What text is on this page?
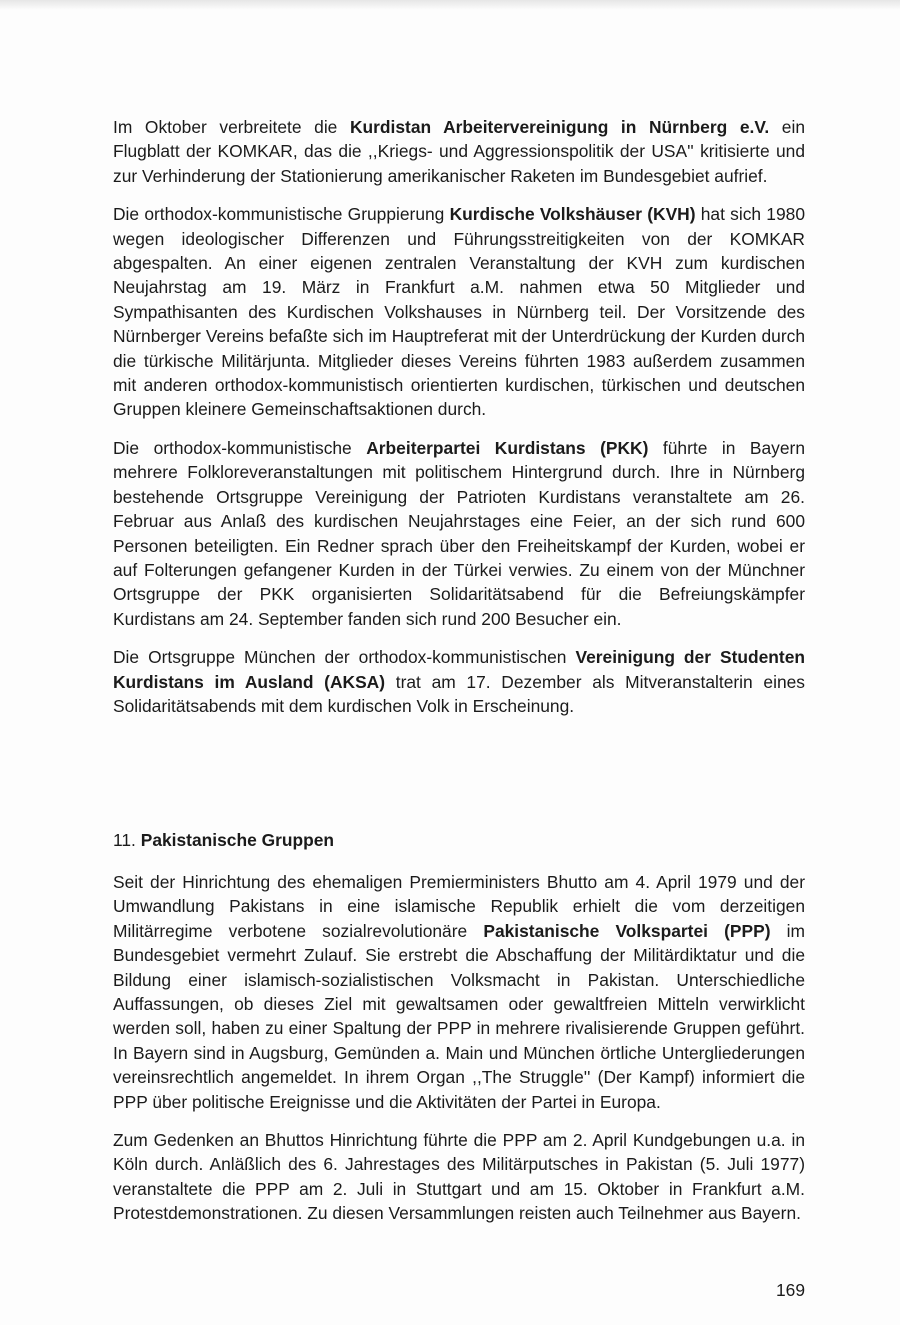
Im Oktober verbreitete die Kurdistan Arbeitervereinigung in Nürnberg e.V. ein Flugblatt der KOMKAR, das die ,,Kriegs- und Aggressionspolitik der USA'' kritisierte und zur Verhinderung der Stationierung amerikanischer Raketen im Bundesgebiet aufrief.

Die orthodox-kommunistische Gruppierung Kurdische Volkshäuser (KVH) hat sich 1980 wegen ideologischer Differenzen und Führungsstreitigkeiten von der KOMKAR abgespalten. An einer eigenen zentralen Veranstaltung der KVH zum kurdischen Neujahrstag am 19. März in Frankfurt a.M. nahmen etwa 50 Mitglieder und Sympathisanten des Kurdischen Volkshauses in Nürnberg teil. Der Vorsitzende des Nürnberger Vereins befaßte sich im Hauptreferat mit der Unterdrückung der Kurden durch die türkische Militärjunta. Mitglieder dieses Vereins führten 1983 außerdem zusammen mit anderen orthodox-kommunistisch orientierten kurdischen, türkischen und deutschen Gruppen kleinere Gemeinschaftsaktionen durch.

Die orthodox-kommunistische Arbeiterpartei Kurdistans (PKK) führte in Bayern mehrere Folkloreveranstaltungen mit politischem Hintergrund durch. Ihre in Nürnberg bestehende Ortsgruppe Vereinigung der Patrioten Kurdistans veranstaltete am 26. Februar aus Anlaß des kurdischen Neujahrstages eine Feier, an der sich rund 600 Personen beteiligten. Ein Redner sprach über den Freiheitskampf der Kurden, wobei er auf Folterungen gefangener Kurden in der Türkei verwies. Zu einem von der Münchner Ortsgruppe der PKK organisierten Solidaritätsabend für die Befreiungskämpfer Kurdistans am 24. September fanden sich rund 200 Besucher ein.

Die Ortsgruppe München der orthodox-kommunistischen Vereinigung der Studenten Kurdistans im Ausland (AKSA) trat am 17. Dezember als Mitveranstalterin eines Solidaritätsabends mit dem kurdischen Volk in Erscheinung.

11. Pakistanische Gruppen

Seit der Hinrichtung des ehemaligen Premierministers Bhutto am 4. April 1979 und der Umwandlung Pakistans in eine islamische Republik erhielt die vom derzeitigen Militärregime verbotene sozialrevolutionäre Pakistanische Volkspartei (PPP) im Bundesgebiet vermehrt Zulauf. Sie erstrebt die Abschaffung der Militärdiktatur und die Bildung einer islamisch-sozialistischen Volksmacht in Pakistan. Unterschiedliche Auffassungen, ob dieses Ziel mit gewaltsamen oder gewaltfreien Mitteln verwirklicht werden soll, haben zu einer Spaltung der PPP in mehrere rivalisierende Gruppen geführt. In Bayern sind in Augsburg, Gemünden a. Main und München örtliche Untergliederungen vereinsrechtlich angemeldet. In ihrem Organ ,,The Struggle'' (Der Kampf) informiert die PPP über politische Ereignisse und die Aktivitäten der Partei in Europa.

Zum Gedenken an Bhuttos Hinrichtung führte die PPP am 2. April Kundgebungen u.a. in Köln durch. Anläßlich des 6. Jahrestages des Militärputsches in Pakistan (5. Juli 1977) veranstaltete die PPP am 2. Juli in Stuttgart und am 15. Oktober in Frankfurt a.M. Protestdemonstrationen. Zu diesen Versammlungen reisten auch Teilnehmer aus Bayern.

169
